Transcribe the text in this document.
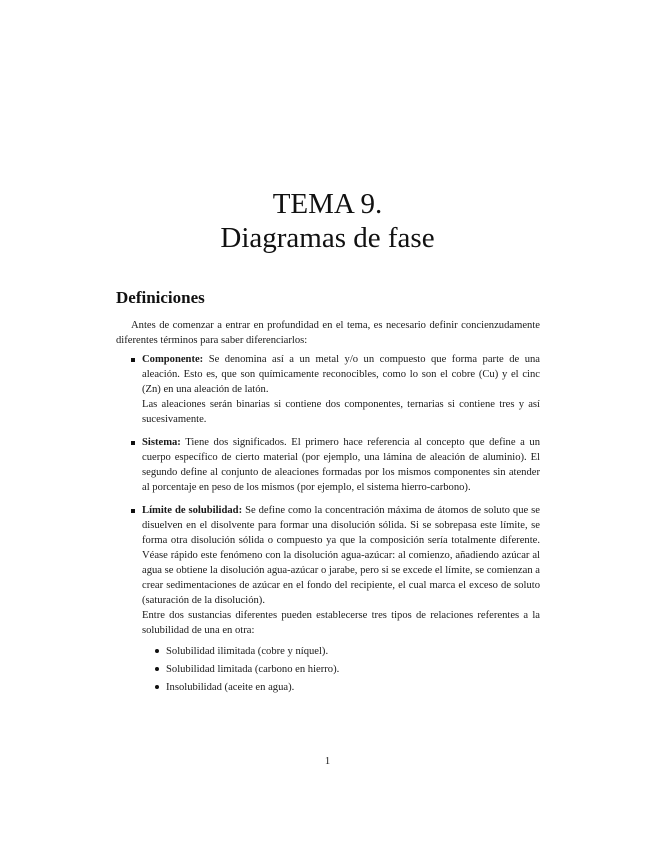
TEMA 9.
Diagramas de fase
Definiciones
Antes de comenzar a entrar en profundidad en el tema, es necesario definir concienzudamente diferentes términos para saber diferenciarlos:
Componente: Se denomina así a un metal y/o un compuesto que forma parte de una aleación. Esto es, que son químicamente reconocibles, como lo son el cobre (Cu) y el cinc (Zn) en una aleación de latón.
Las aleaciones serán binarias si contiene dos componentes, ternarias si contiene tres y así sucesivamente.
Sistema: Tiene dos significados. El primero hace referencia al concepto que define a un cuerpo específico de cierto material (por ejemplo, una lámina de aleación de aluminio). El segundo define al conjunto de aleaciones formadas por los mismos componentes sin atender al porcentaje en peso de los mismos (por ejemplo, el sistema hierro-carbono).
Límite de solubilidad: Se define como la concentración máxima de átomos de soluto que se disuelven en el disolvente para formar una disolución sólida. Si se sobrepasa este límite, se forma otra disolución sólida o compuesto ya que la composición sería totalmente diferente. Véase rápido este fenómeno con la disolución agua-azúcar: al comienzo, añadiendo azúcar al agua se obtiene la disolución agua-azúcar o jarabe, pero si se excede el límite, se comienzan a crear sedimentaciones de azúcar en el fondo del recipiente, el cual marca el exceso de soluto (saturación de la disolución).
Entre dos sustancias diferentes pueden establecerse tres tipos de relaciones referentes a la solubilidad de una en otra:
Solubilidad ilimitada (cobre y níquel).
Solubilidad limitada (carbono en hierro).
Insolubilidad (aceite en agua).
1
